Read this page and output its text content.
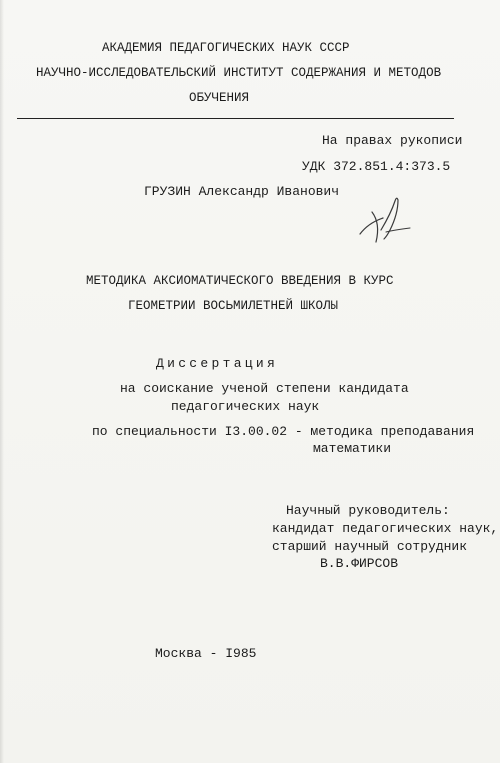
АКАДЕМИЯ ПЕДАГОГИЧЕСКИХ НАУК СССР
НАУЧНО-ИССЛЕДОВАТЕЛЬСКИЙ ИНСТИТУТ СОДЕРЖАНИЯ И МЕТОДОВ
ОБУЧЕНИЯ
На правах рукописи
УДК 372.851.4:373.5
ГРУЗИН Александр Иванович
МЕТОДИКА АКСИОМАТИЧЕСКОГО ВВЕДЕНИЯ В КУРС
ГЕОМЕТРИИ ВОСЬМИЛЕТНЕЙ ШКОЛЫ
Диссертация
на соискание ученой степени кандидата
педагогических наук
по специальности I3.00.02 - методика преподавания
математики
Научный руководитель:
кандидат педагогических наук,
старший научный сотрудник
В.В.ФИРСОВ
Москва - I985
